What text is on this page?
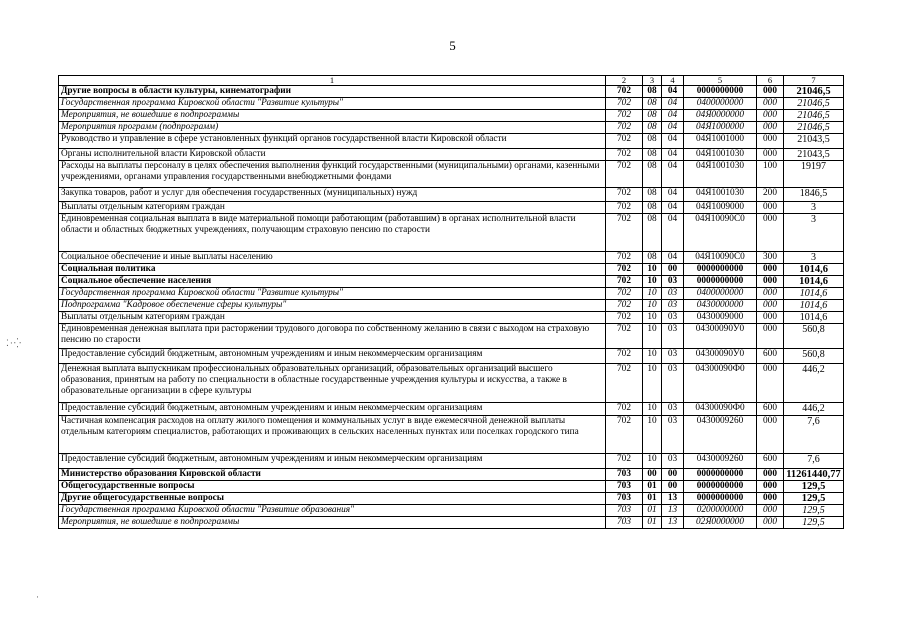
5
⁚·⁛
·
1	2	3	4	5	6	7
Другие вопросы в области культуры, кинематографии	702	08	04	0000000000	000	21046,5
Государственная программа Кировской области "Развитие культуры"	702	08	04	0400000000	000	21046,5
Мероприятия, не вошедшие в подпрограммы	702	08	04	04Я0000000	000	21046,5
Мероприятия программ (подпрограмм)	702	08	04	04Я1000000	000	21046,5
Руководство и управление в сфере установленных функций органов государственной власти Кировской области	702	08	04	04Я1001000	000	21043,5
Органы исполнительной власти Кировской области	702	08	04	04Я1001030	000	21043,5
Расходы на выплаты персоналу в целях обеспечения выполнения функций государственными (муниципальными) органами, казенными учреждениями, органами управления государственными внебюджетными фондами	702	08	04	04Я1001030	100	19197
Закупка товаров, работ и услуг для обеспечения государственных (муниципальных) нужд	702	08	04	04Я1001030	200	1846,5
Выплаты отдельным категориям граждан	702	08	04	04Я1009000	000	3
Единовременная социальная выплата в виде материальной помощи работающим (работавшим) в органах исполнительной власти области и областных бюджетных учреждениях, получающим страховую пенсию по старости	702	08	04	04Я10090С0	000	3
Социальное обеспечение и иные выплаты населению	702	08	04	04Я10090С0	300	3
Социальная политика	702	10	00	0000000000	000	1014,6
Социальное обеспечение населения	702	10	03	0000000000	000	1014,6
Государственная программа Кировской области "Развитие культуры"	702	10	03	0400000000	000	1014,6
Подпрограмма "Кадровое обеспечение сферы культуры"	702	10	03	0430000000	000	1014,6
Выплаты отдельным категориям граждан	702	10	03	0430009000	000	1014,6
Единовременная денежная выплата при расторжении трудового договора по собственному желанию в связи с выходом на страховую пенсию по старости	702	10	03	04300090У0	000	560,8
Предоставление субсидий бюджетным, автономным учреждениям и иным некоммерческим организациям	702	10	03	04300090У0	600	560,8
Денежная выплата выпускникам профессиональных образовательных организаций, образовательных организаций высшего образования, принятым на работу по специальности в областные государственные учреждения культуры и искусства, а также в образовательные организации в сфере культуры	702	10	03	04300090Ф0	000	446,2
Предоставление субсидий бюджетным, автономным учреждениям и иным некоммерческим организациям	702	10	03	04300090Ф0	600	446,2
Частичная компенсация расходов на оплату жилого помещения и коммунальных услуг в виде ежемесячной денежной выплаты отдельным категориям специалистов, работающих и проживающих в сельских населенных пунктах или поселках городского типа	702	10	03	0430009260	000	7,6
Предоставление субсидий бюджетным, автономным учреждениям и иным некоммерческим организациям	702	10	03	0430009260	600	7,6
Министерство образования Кировской области	703	00	00	0000000000	000	11261440,77
Общегосударственные вопросы	703	01	00	0000000000	000	129,5
Другие общегосударственные вопросы	703	01	13	0000000000	000	129,5
Государственная программа Кировской области "Развитие образования"	703	01	13	0200000000	000	129,5
Мероприятия, не вошедшие в подпрограммы	703	01	13	02Я0000000	000	129,5
